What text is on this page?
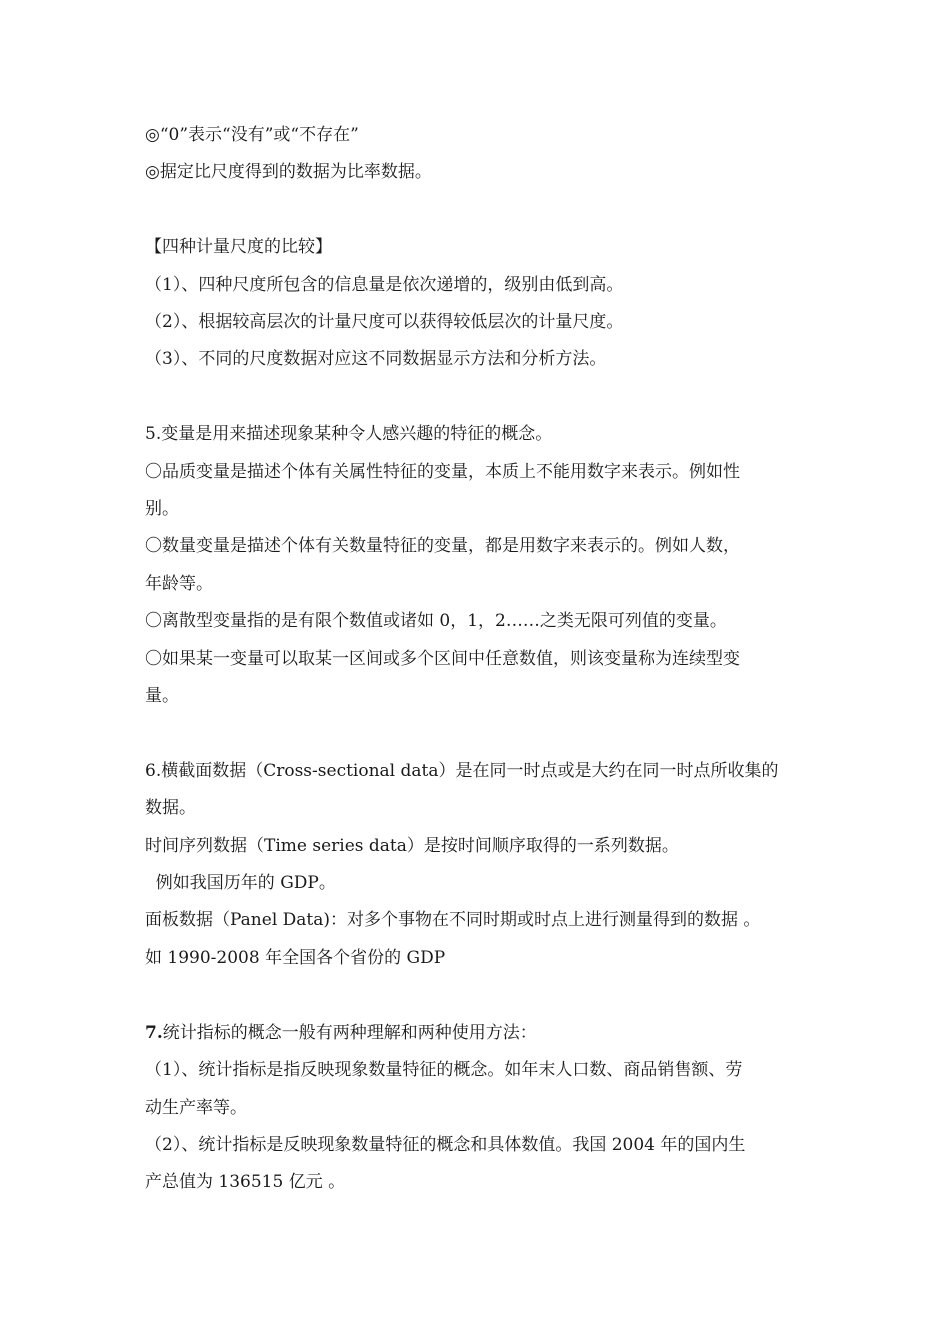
◎“0”表示“没有”或“不存在”
◎据定比尺度得到的数据为比率数据。
【四种计量尺度的比较】
（1）、四种尺度所包含的信息量是依次递增的，级别由低到高。
（2）、根据较高层次的计量尺度可以获得较低层次的计量尺度。
（3）、不同的尺度数据对应这不同数据显示方法和分析方法。
5.变量是用来描述现象某种令人感兴趣的特征的概念。
〇品质变量是描述个体有关属性特征的变量，本质上不能用数字来表示。例如性
别。
〇数量变量是描述个体有关数量特征的变量，都是用数字来表示的。例如人数，
年龄等。
〇离散型变量指的是有限个数值或诸如 0，1，2……之类无限可列值的变量。
〇如果某一变量可以取某一区间或多个区间中任意数值，则该变量称为连续型变
量。
6.横截面数据（Cross-sectional data）是在同一时点或是大约在同一时点所收集的
数据。
时间序列数据（Time series data）是按时间顺序取得的一系列数据。
例如我国历年的 GDP。
面板数据（Panel Data)：对多个事物在不同时期或时点上进行测量得到的数据 。
如 1990-2008 年全国各个省份的 GDP
7.统计指标的概念一般有两种理解和两种使用方法：
（1）、统计指标是指反映现象数量特征的概念。如年末人口数、商品销售额、劳
动生产率等。
（2）、统计指标是反映现象数量特征的概念和具体数值。我国 2004 年的国内生
产总值为 136515 亿元 。
